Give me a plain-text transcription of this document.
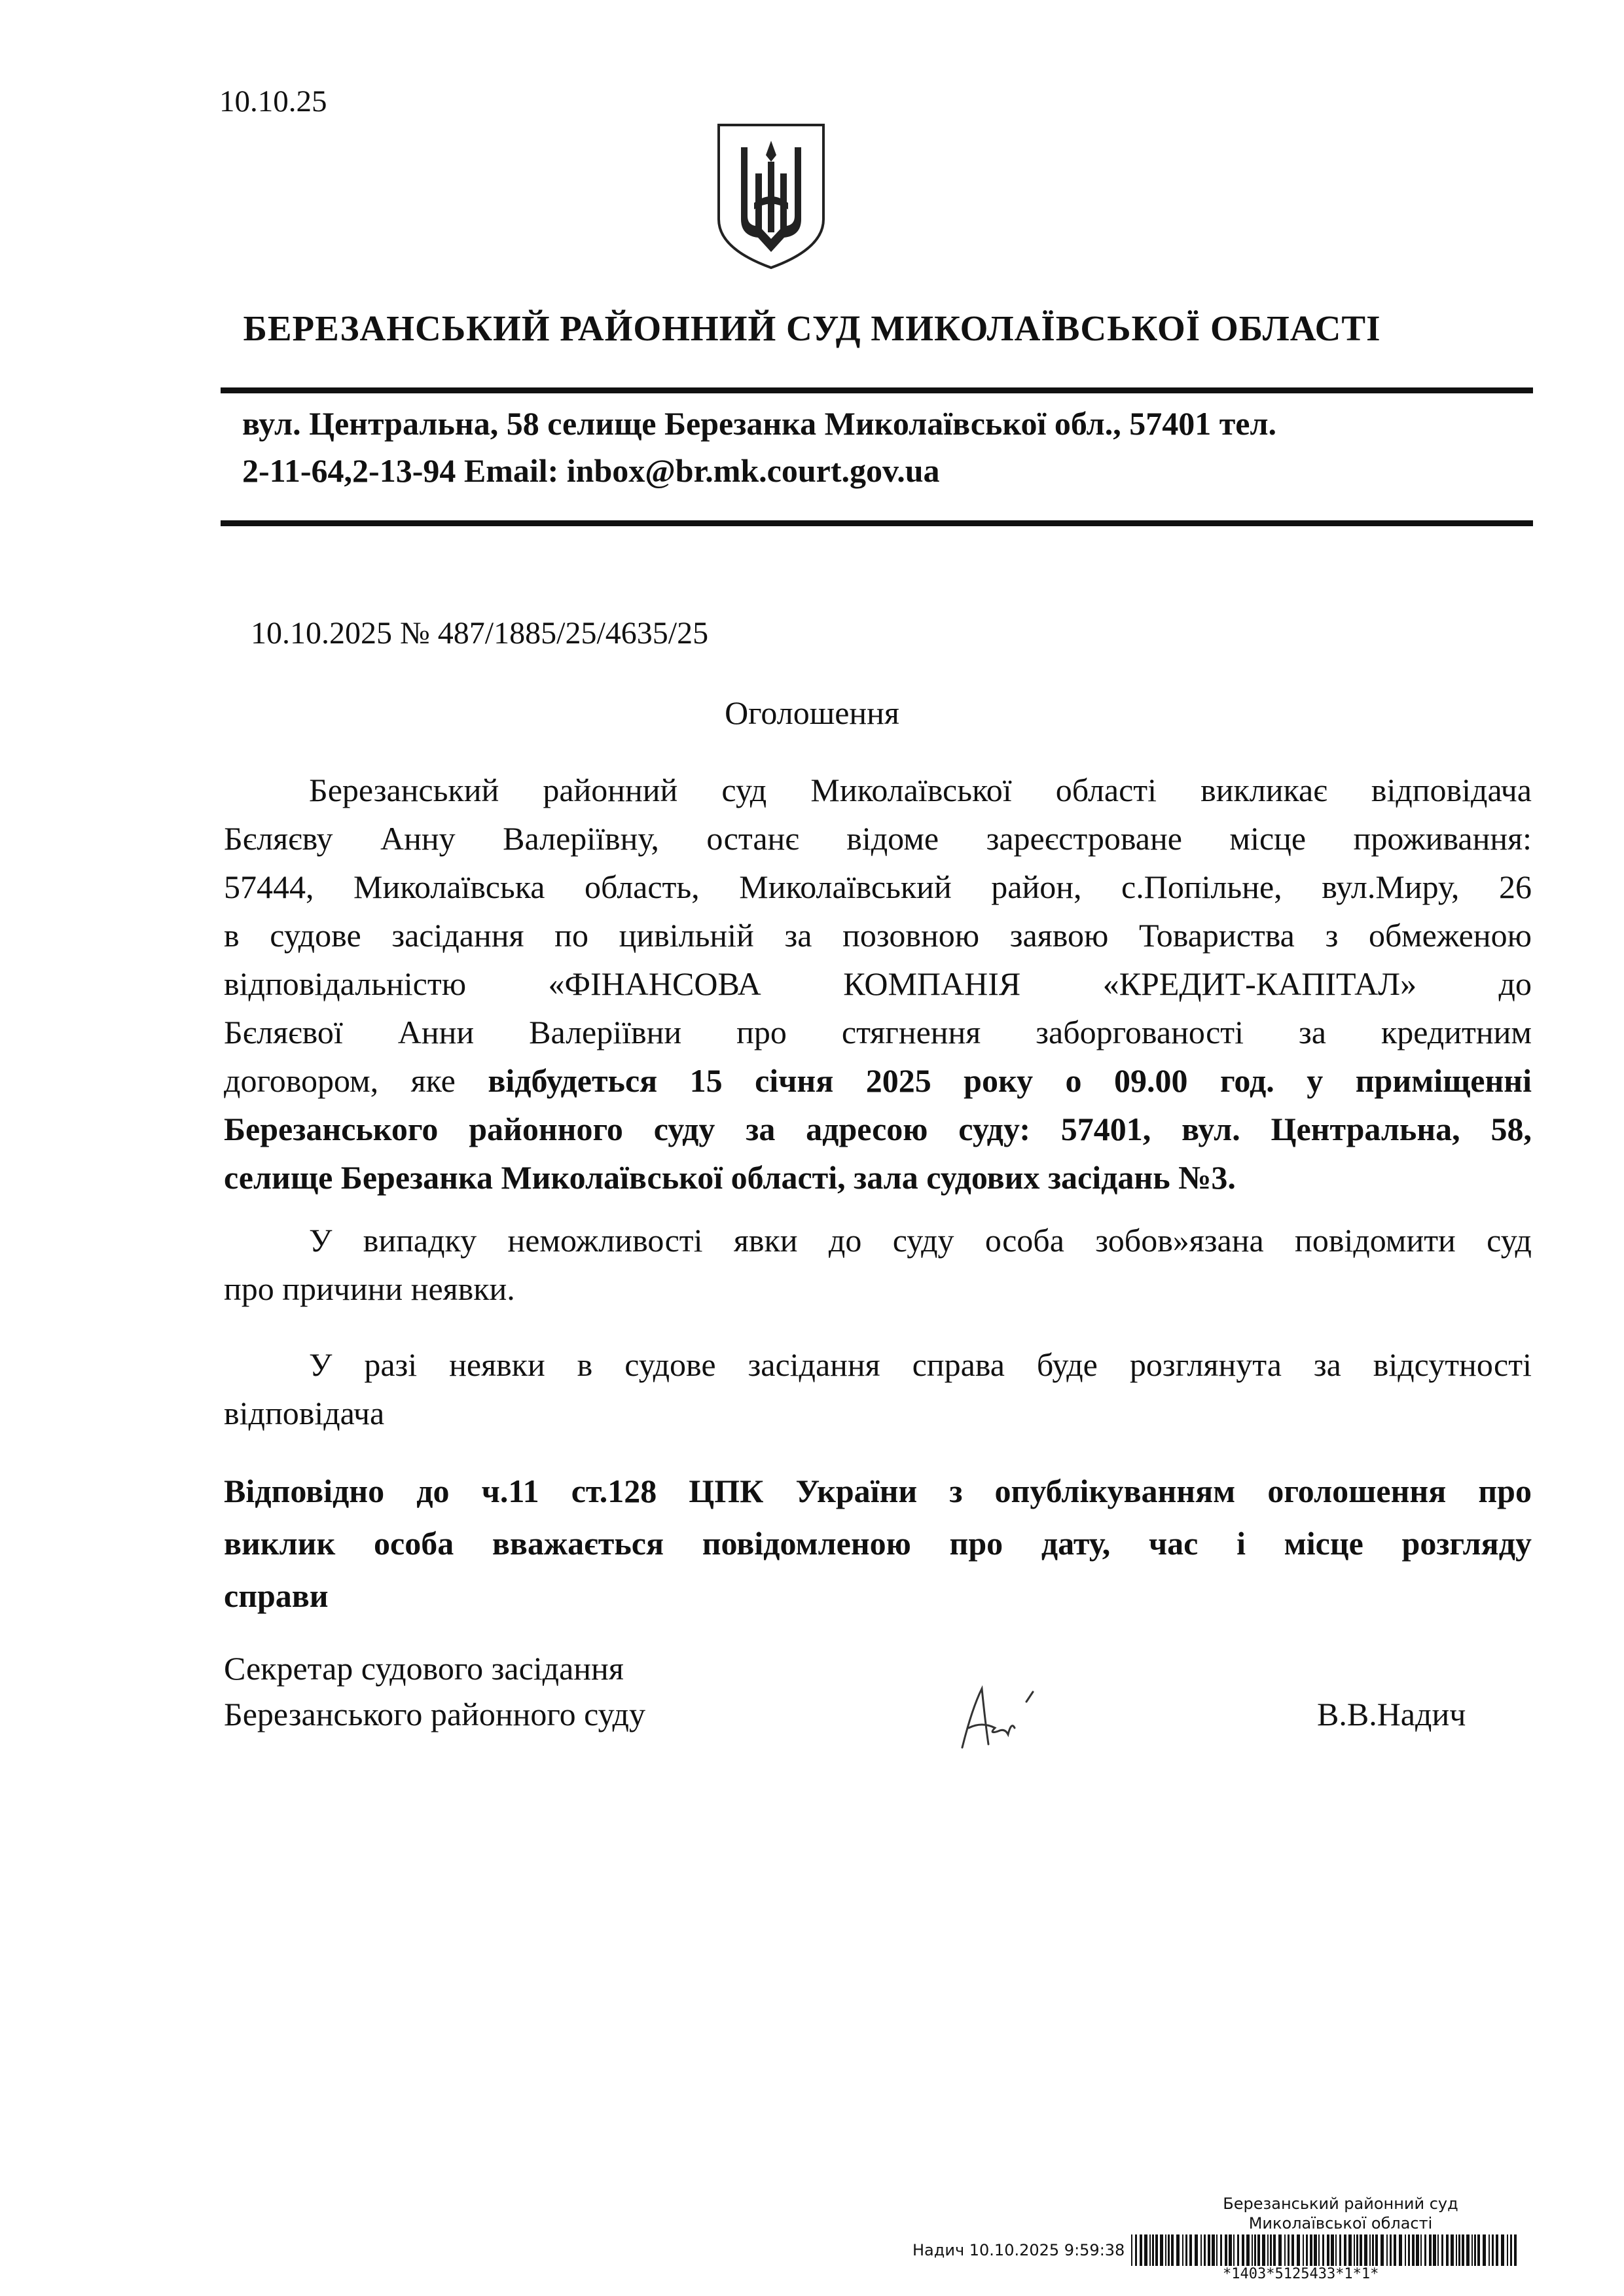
10.10.25
БЕРЕЗАНСЬКИЙ РАЙОННИЙ СУД МИКОЛАЇВСЬКОЇ ОБЛАСТІ
вул. Центральна, 58 селище Березанка Миколаївської обл., 57401 тел.
2-11-64,2-13-94 Email: inbox@br.mk.court.gov.ua
10.10.2025 № 487/1885/25/4635/25
Оголошення
Березанський районний суд Миколаївської області викликає відповідача
Бєляєву Анну Валеріївну, останє відоме зареєстроване місце проживання:
57444, Миколаївська область, Миколаївський район, с.Попільне, вул.Миру, 26
в судове засідання по цивільній за позовною заявою Товариства з обмеженою
відповідальністю «ФІНАНСОВА КОМПАНІЯ «КРЕДИТ-КАПІТАЛ» до
Бєляєвої Анни Валеріївни про стягнення заборгованості за кредитним
договором, яке відбудеться 15 січня 2025 року о 09.00 год. у приміщенні
Березанського районного суду за адресою суду: 57401, вул. Центральна, 58,
селище Березанка Миколаївської області, зала судових засідань №3.
У випадку неможливості явки до суду особа зобов»язана повідомити суд
про причини неявки.
У разі неявки в судове засідання справа буде розглянута за відсутності
відповідача
Відповідно до ч.11 ст.128 ЦПК України з опублікуванням оголошення про
виклик особа вважається повідомленою про дату, час і місце розгляду
справи
Секретар судового засідання
Березанського районного суду	В.В.Надич
Березанський районний суд
Миколаївської області
Надич 10.10.2025 9:59:38
*1403*5125433*1*1*
